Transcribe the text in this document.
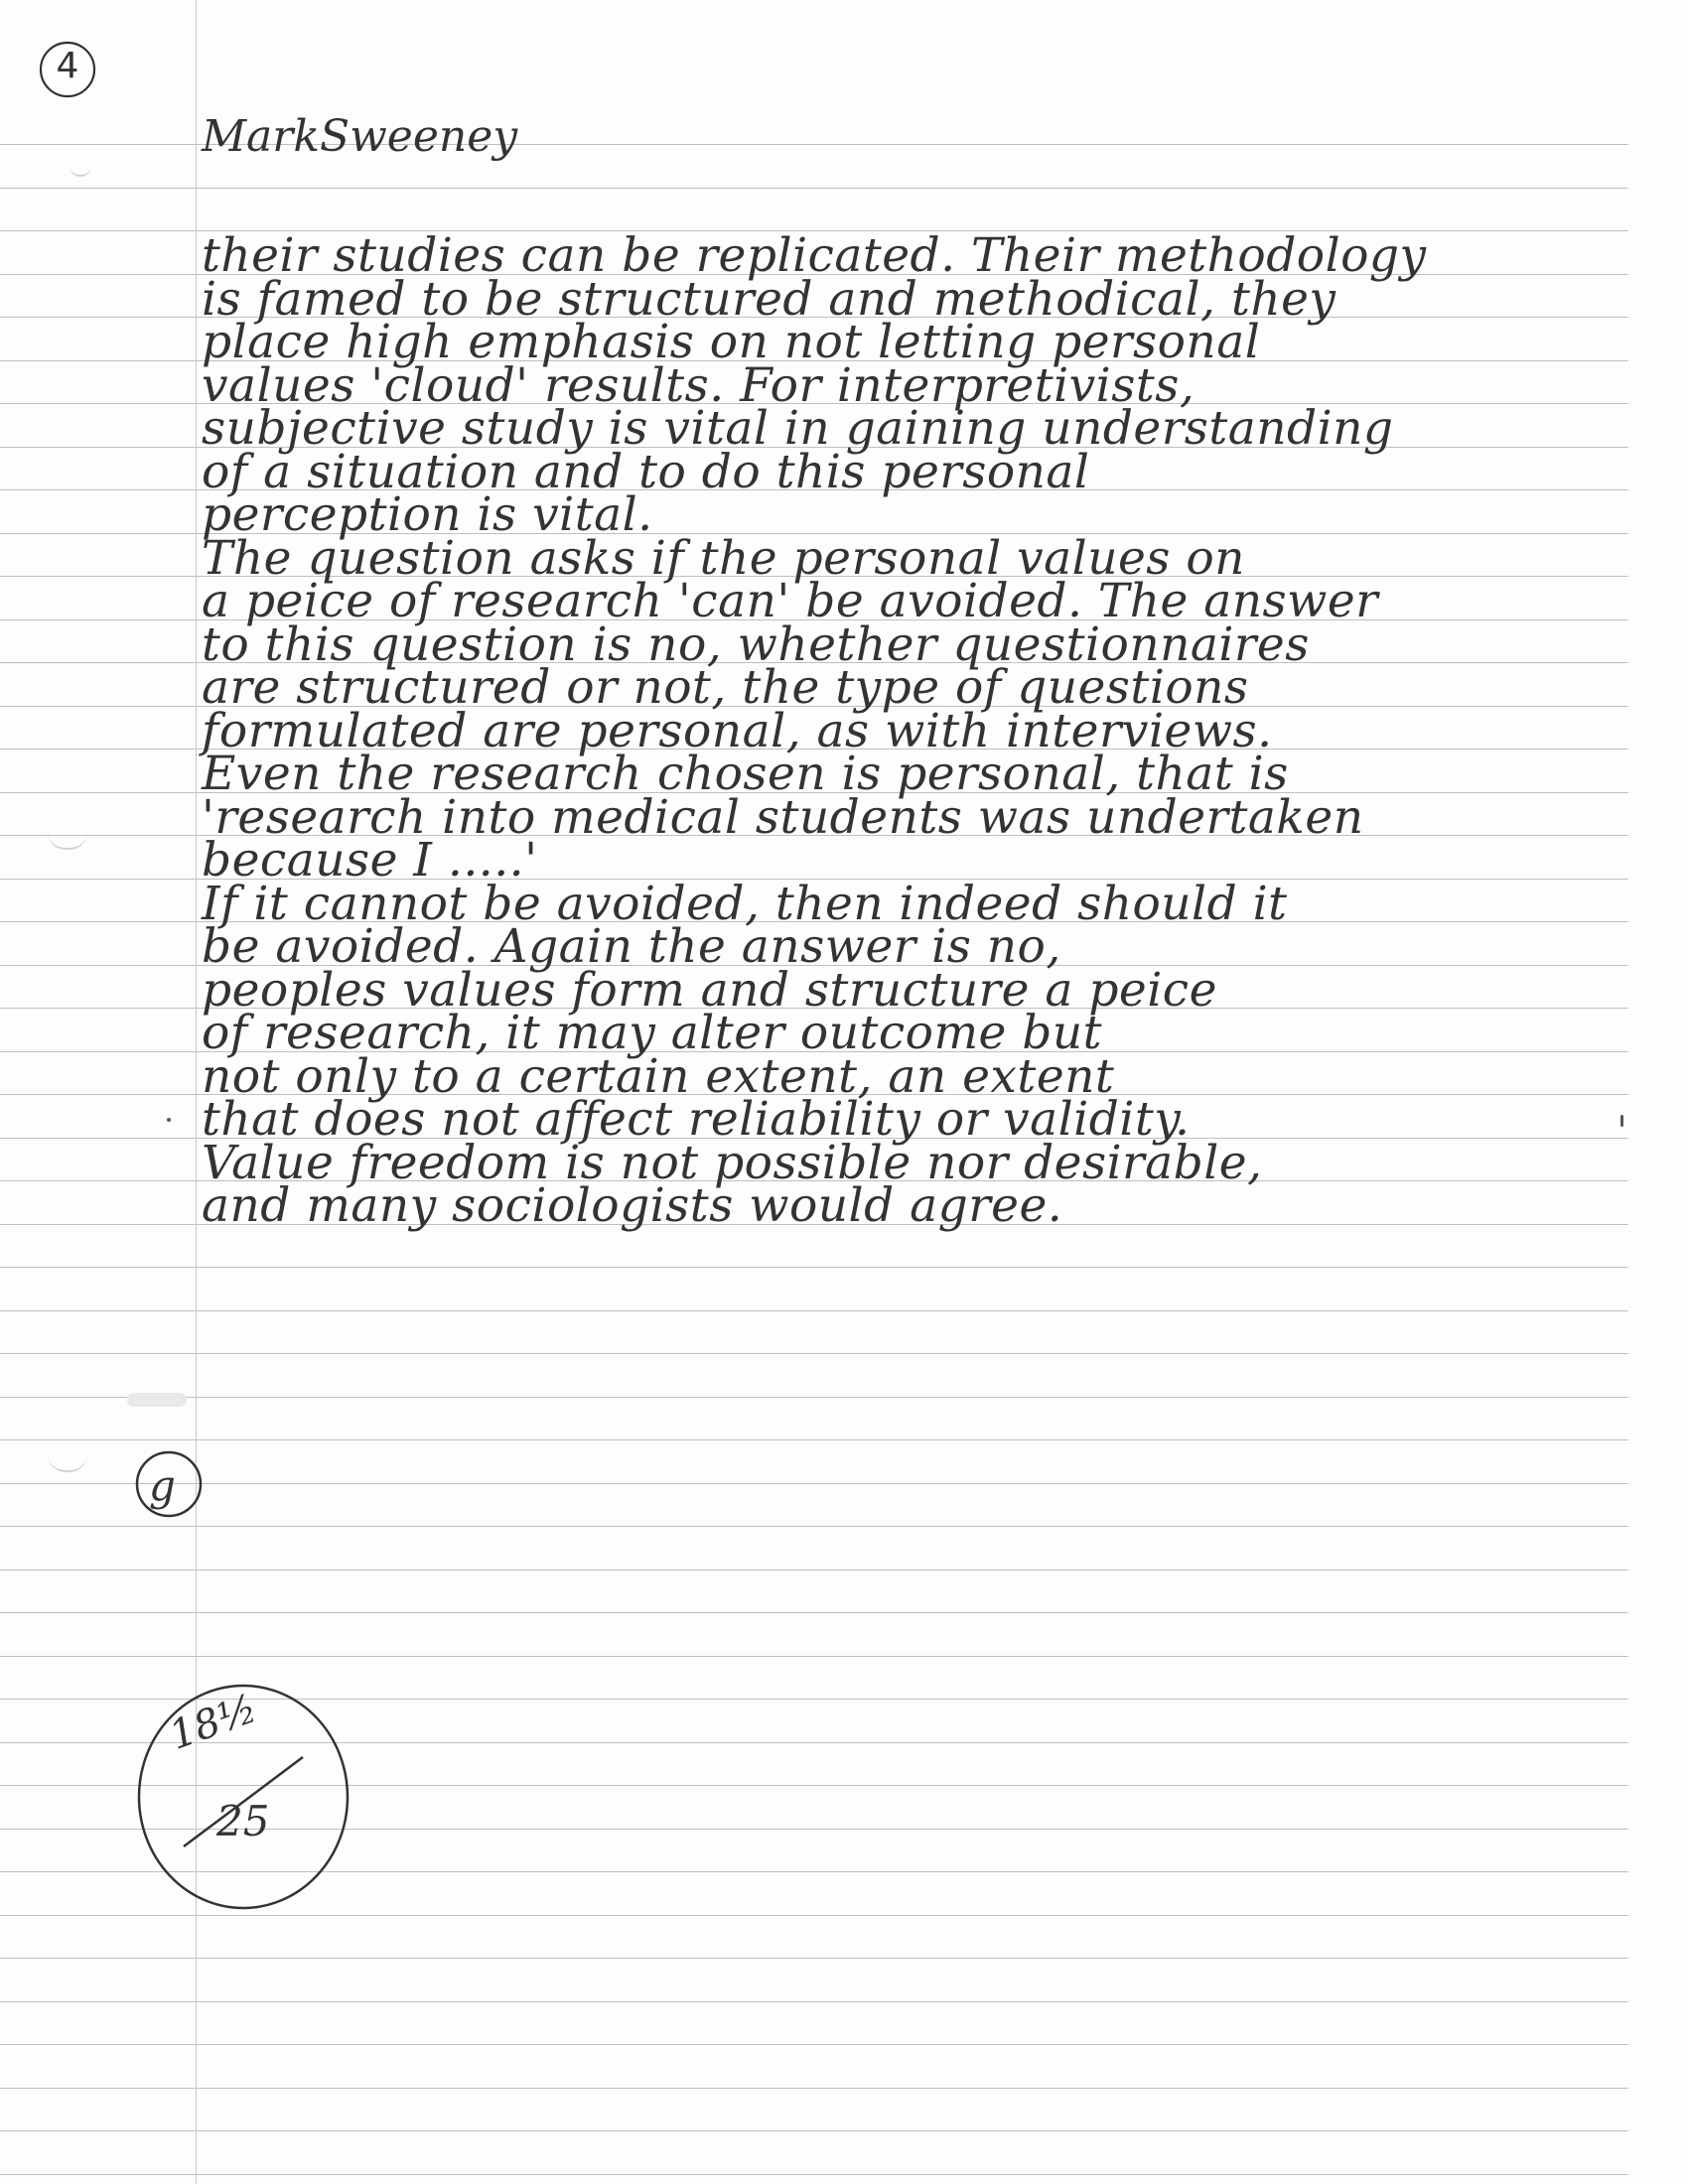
4
MarkSweeney
their studies can be replicated. Their methodology
is famed to be structured and methodical, they
place high emphasis on not letting personal
values 'cloud' results. For interpretivists,
subjective study is vital in gaining understanding
of a situation and to do this personal
perception is vital.
The question asks if the personal values on
a peice of research 'can' be avoided. The answer
to this question is no, whether questionnaires
are structured or not, the type of questions
formulated are personal, as with interviews.
Even the research chosen is personal, that is
'research into medical students was undertaken
because I .....'
If it cannot be avoided, then indeed should it
be avoided. Again the answer is no,
peoples values form and structure a peice
of research, it may alter outcome but
not only to a certain extent, an extent
that does not affect reliability or validity.
Value freedom is not possible nor desirable,
and many sociologists would agree.
g
18½
25
